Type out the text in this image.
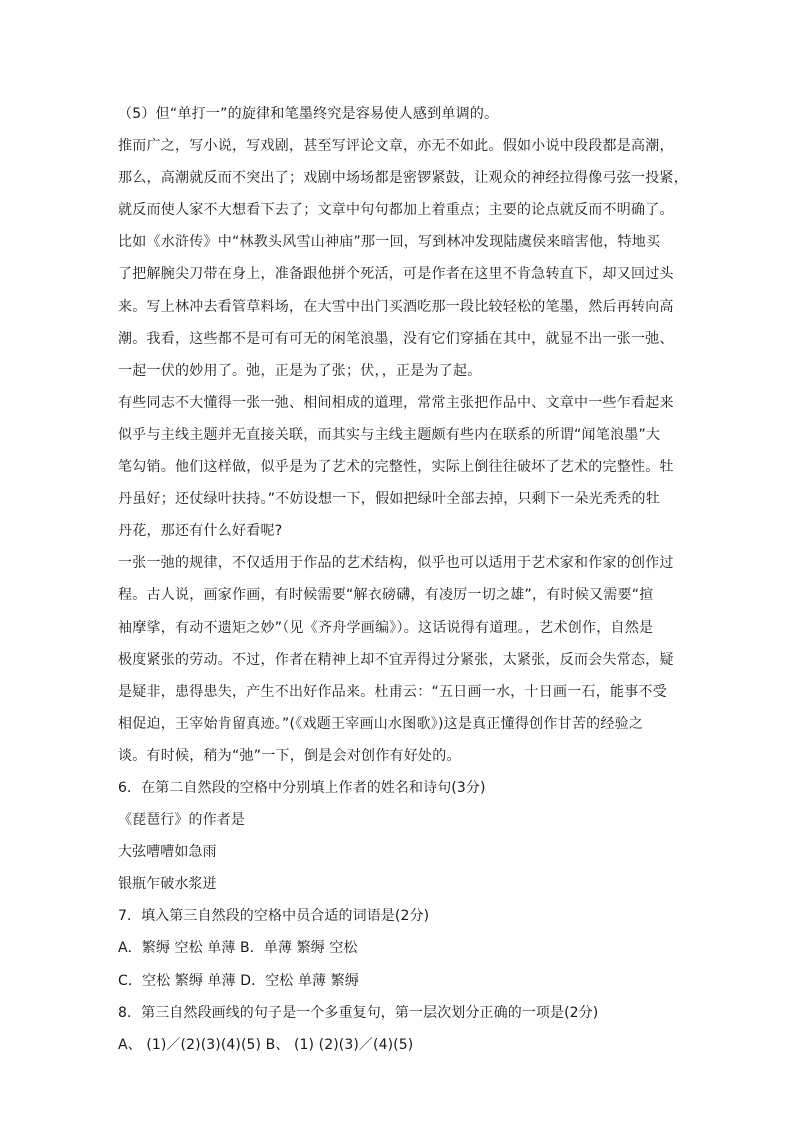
（5）但“单打一”的旋律和笔墨终究是容易使人感到单调的。
推而广之，写小说，写戏剧，甚至写评论文章，亦无不如此。假如小说中段段都是高潮，
那么，高潮就反而不突出了；戏剧中场场都是密锣紧鼓，让观众的神经拉得像弓弦一投紧，
就反而使人家不大想看下去了；文章中句句都加上着重点；主要的论点就反而不明确了。
比如《水浒传》中“林教头风雪山神庙”那一回，写到林冲发现陆虞侯来暗害他，特地买
了把解腕尖刀带在身上，准备跟他拼个死活，可是作者在这里不肯急转直下，却又回过头
来。写上林冲去看管草料场，在大雪中出门买酒吃那一段比较轻松的笔墨，然后再转向高
潮。我看，这些都不是可有可无的闲笔浪墨，没有它们穿插在其中，就显不出一张一弛、
一起一伏的妙用了。弛，正是为了张；伏，，正是为了起。
有些同志不大懂得一张一弛、相间相成的道理，常常主张把作品中、文章中一些乍看起来
似乎与主线主题并无直接关联，而其实与主线主题颇有些内在联系的所谓“闻笔浪墨”大
笔勾销。他们这样做，似乎是为了艺术的完整性，实际上倒往往破坏了艺术的完整性。牡
丹虽好；还仗绿叶扶持。”不妨设想一下，假如把绿叶全部去掉，只剩下一朵光秃秃的牡
丹花，那还有什么好看呢?
一张一弛的规律，不仅适用于作品的艺术结构，似乎也可以适用于艺术家和作家的创作过
程。古人说，画家作画，有时候需要“解衣磅礴，有凌厉一切之雄”，有时候又需要“揎
袖摩挲，有动不遗矩之妙”（见《齐舟学画编》）。这话说得有道理。，艺术创作，自然是
极度紧张的劳动。不过，作者在精神上却不宜弄得过分紧张，太紧张，反而会失常态，疑
是疑非，患得患失，产生不出好作品来。杜甫云：“五日画一水，十日画一石，能事不受
相促迫，王宰始肯留真迹。”(《戏题王宰画山水图歌》)这是真正懂得创作甘苦的经验之
谈。有时候，稍为“弛”一下，倒是会对创作有好处的。
6．在第二自然段的空格中分别填上作者的姓名和诗句(3分)
《琵琶行》的作者是
大弦嘈嘈如急雨
银瓶乍破水浆迸
7．填入第三自然段的空格中员合适的词语是(2分)
A．繁缛 空松 单薄 B．单薄 繁缛 空松
C．空松 繁缛 单薄 D．空松 单薄 繁缛
8．第三自然段画线的句子是一个多重复句，第一层次划分正确的一项是(2分)
A、 (1)／(2)(3)(4)(5) B、 (1) (2)(3)／(4)(5)
